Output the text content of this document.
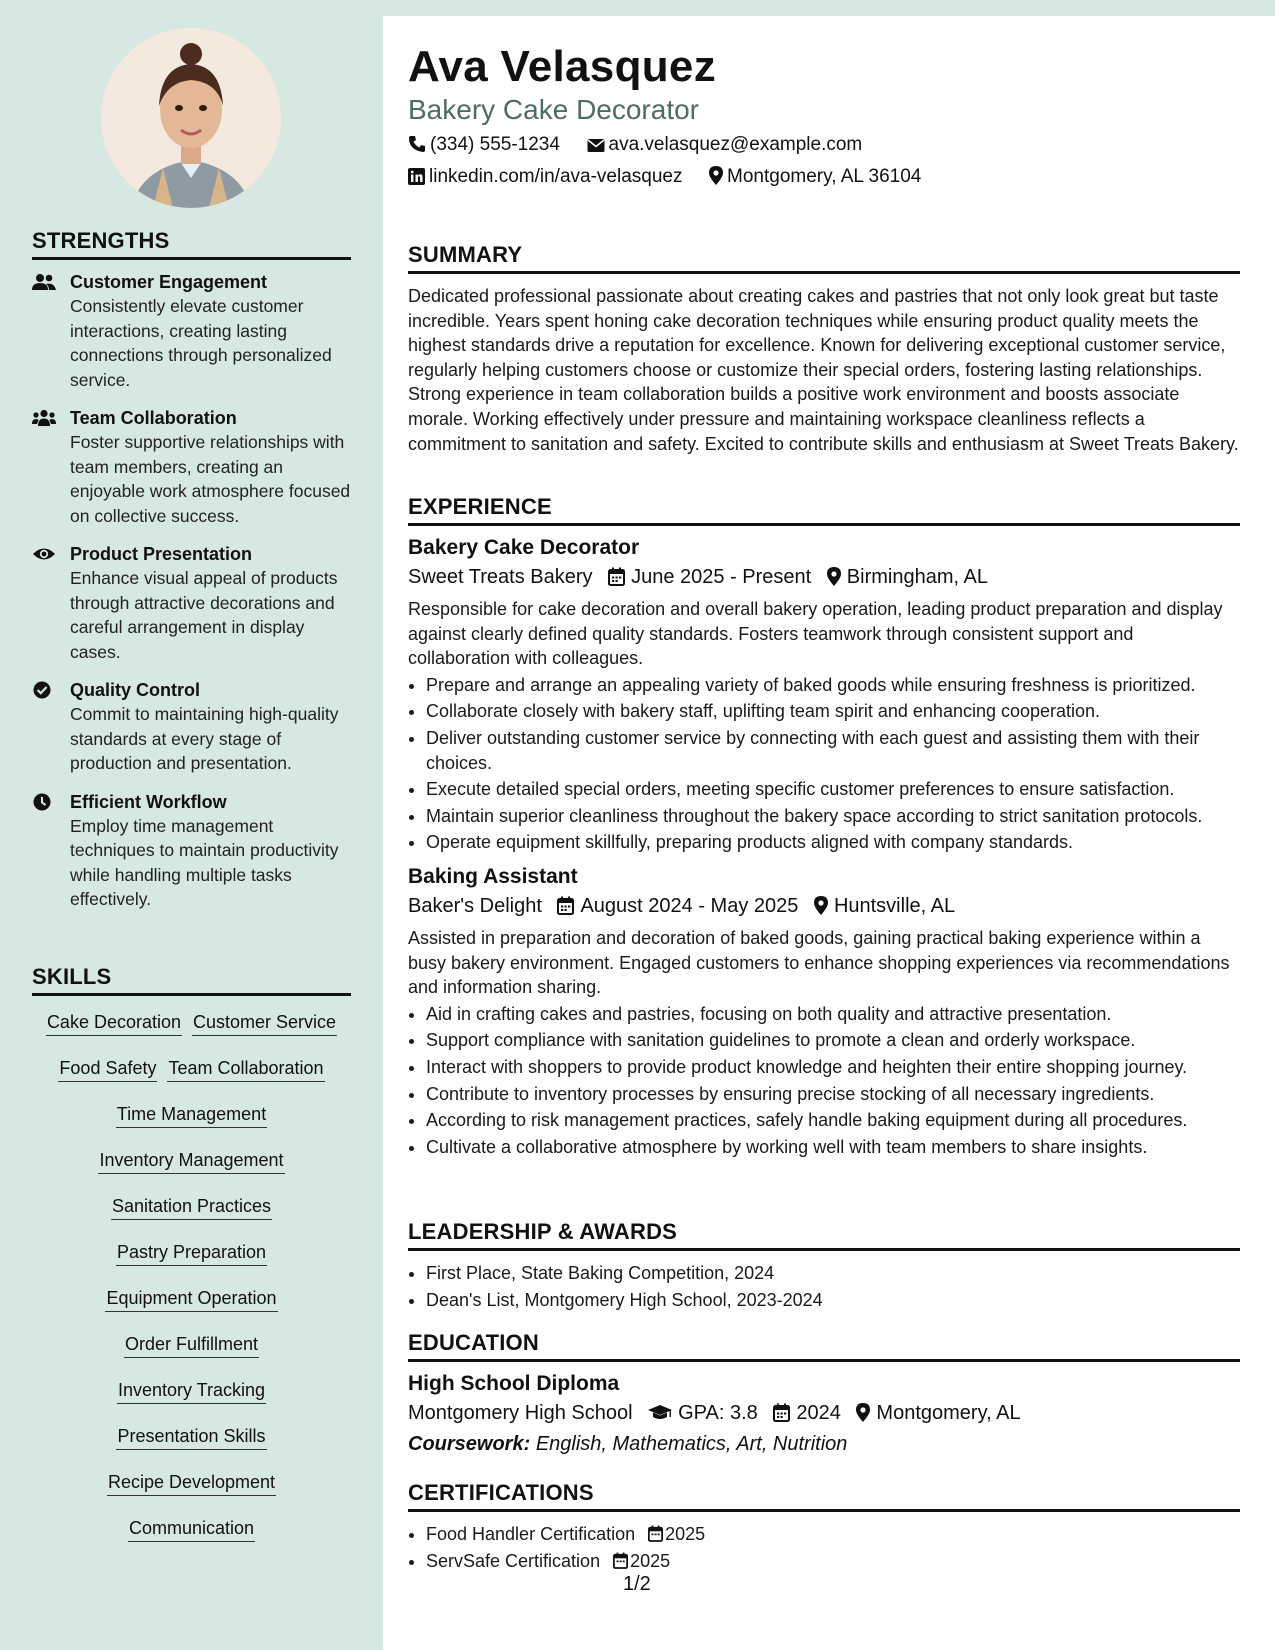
STRENGTHS
Customer Engagement
Consistently elevate customer interactions, creating lasting connections through personalized service.
Team Collaboration
Foster supportive relationships with team members, creating an enjoyable work atmosphere focused on collective success.
Product Presentation
Enhance visual appeal of products through attractive decorations and careful arrangement in display cases.
Quality Control
Commit to maintaining high-quality standards at every stage of production and presentation.
Efficient Workflow
Employ time management techniques to maintain productivity while handling multiple tasks effectively.
SKILLS
Cake Decoration Customer Service
Food Safety Team Collaboration
Time Management
Inventory Management
Sanitation Practices
Pastry Preparation
Equipment Operation
Order Fulfillment
Inventory Tracking
Presentation Skills
Recipe Development
Communication
Ava Velasquez
Bakery Cake Decorator
(334) 555-1234	ava.velasquez@example.com
linkedin.com/in/ava-velasquez Montgomery, AL 36104
SUMMARY

Dedicated professional passionate about creating cakes and pastries that not only look great but taste incredible. Years spent honing cake decoration techniques while ensuring product quality meets the highest standards drive a reputation for excellence. Known for delivering exceptional customer service, regularly helping customers choose or customize their special orders, fostering lasting relationships. Strong experience in team collaboration builds a positive work environment and boosts associate morale. Working effectively under pressure and maintaining workspace cleanliness reflects a commitment to sanitation and safety. Excited to contribute skills and enthusiasm at Sweet Treats Bakery.

EXPERIENCE
Bakery Cake Decorator
Sweet Treats Bakery June 2025 - Present Birmingham, AL

Responsible for cake decoration and overall bakery operation, leading product preparation and display against clearly defined quality standards. Fosters teamwork through consistent support and collaboration with colleagues.

• Prepare and arrange an appealing variety of baked goods while ensuring freshness is prioritized.
• Collaborate closely with bakery staff, uplifting team spirit and enhancing cooperation.
• Deliver outstanding customer service by connecting with each guest and assisting them with their choices.
• Execute detailed special orders, meeting specific customer preferences to ensure satisfaction.
• Maintain superior cleanliness throughout the bakery space according to strict sanitation protocols.
• Operate equipment skillfully, preparing products aligned with company standards.
Baking Assistant
Baker's Delight August 2024 - May 2025 Huntsville, AL

Assisted in preparation and decoration of baked goods, gaining practical baking experience within a busy bakery environment. Engaged customers to enhance shopping experiences via recommendations and information sharing.

• Aid in crafting cakes and pastries, focusing on both quality and attractive presentation.
• Support compliance with sanitation guidelines to promote a clean and orderly workspace.
• Interact with shoppers to provide product knowledge and heighten their entire shopping journey.
• Contribute to inventory processes by ensuring precise stocking of all necessary ingredients.
• According to risk management practices, safely handle baking equipment during all procedures.
• Cultivate a collaborative atmosphere by working well with team members to share insights.
LEADERSHIP & AWARDS
• First Place, State Baking Competition, 2024
• Dean's List, Montgomery High School, 2023-2024
EDUCATION
High School Diploma
Montgomery High School GPA: 3.8 2024 Montgomery, AL
Coursework: English, Mathematics, Art, Nutrition
CERTIFICATIONS
• Food Handler Certification 2025
• ServSafe Certification 2025
1/2
